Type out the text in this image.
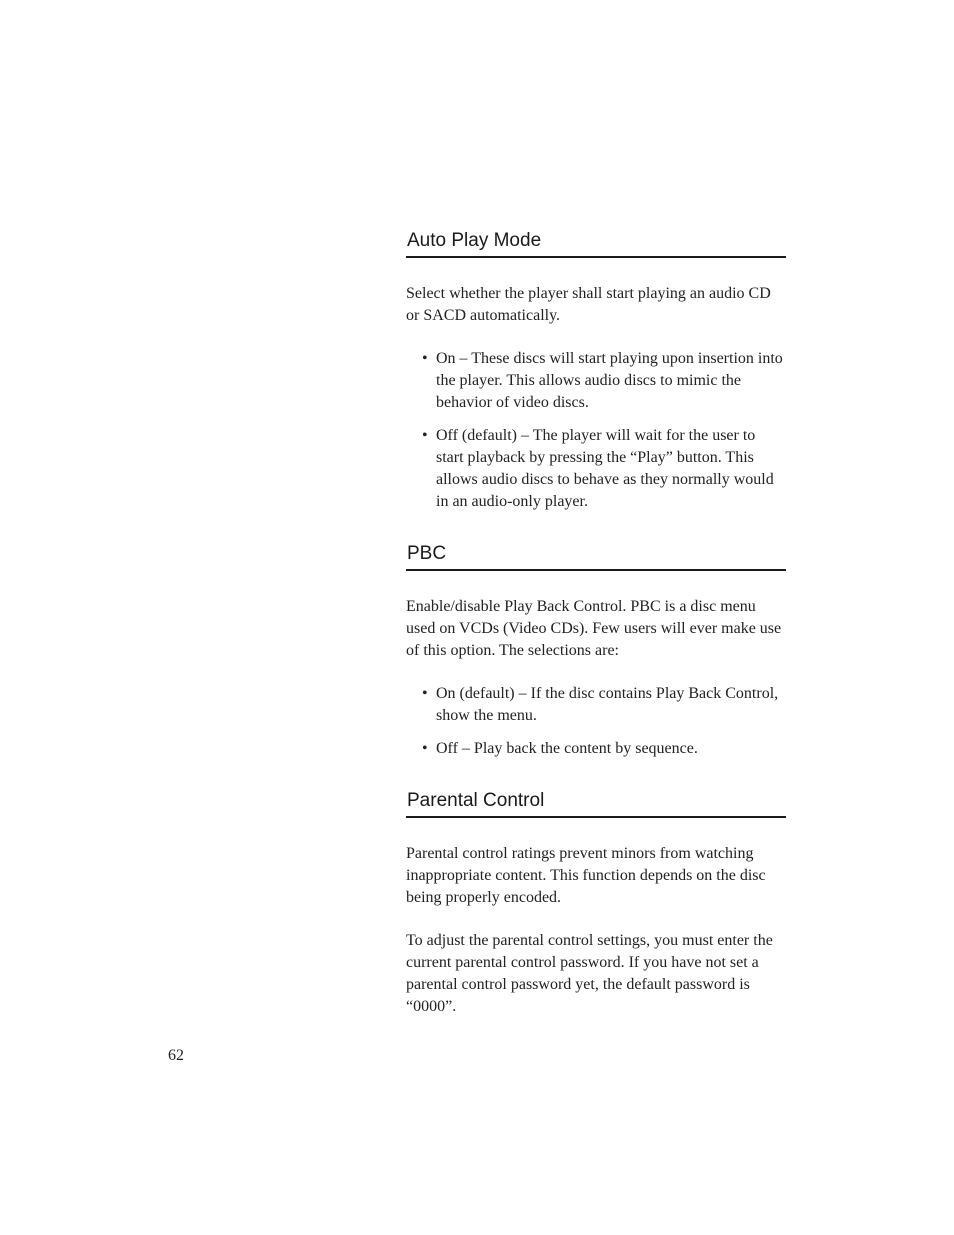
Auto Play Mode

Select whether the player shall start playing an audio CD or SACD automatically.

• On – These discs will start playing upon insertion into the player. This allows audio discs to mimic the behavior of video discs.
• Off (default) – The player will wait for the user to start playback by pressing the “Play” button. This allows audio discs to behave as they normally would in an audio-only player.
PBC

Enable/disable Play Back Control. PBC is a disc menu used on VCDs (Video CDs). Few users will ever make use of this option. The selections are:

• On (default) – If the disc contains Play Back Control, show the menu.
• Off – Play back the content by sequence.
Parental Control

Parental control ratings prevent minors from watching inappropriate content. This function depends on the disc being properly encoded.

To adjust the parental control settings, you must enter the current parental control password. If you have not set a parental control password yet, the default password is “0000”.

62
